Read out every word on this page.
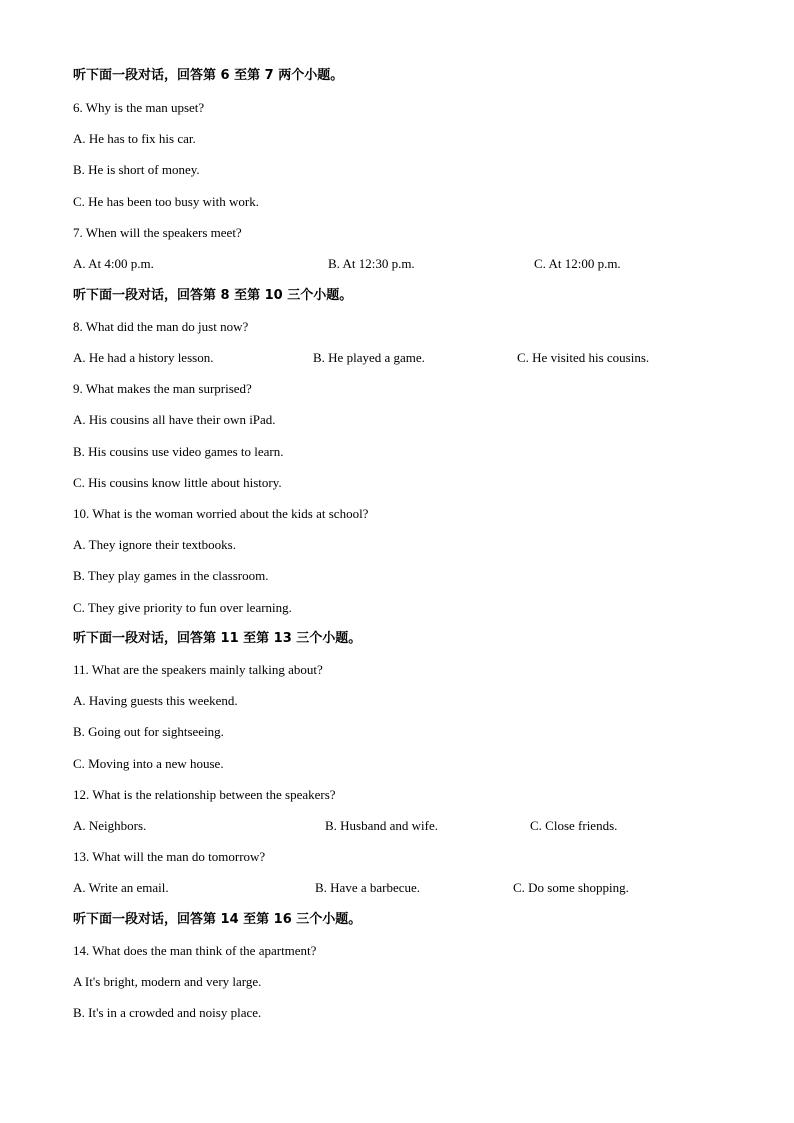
听下面一段对话，回答第 6 至第 7 两个小题。
6. Why is the man upset?
A. He has to fix his car.
B. He is short of money.
C. He has been too busy with work.
7. When will the speakers meet?
A. At 4:00 p.m.	B. At 12:30 p.m.	C. At 12:00 p.m.
听下面一段对话，回答第 8 至第 10 三个小题。
8. What did the man do just now?
A. He had a history lesson.	B. He played a game.	C. He visited his cousins.
9. What makes the man surprised?
A. His cousins all have their own iPad.
B. His cousins use video games to learn.
C. His cousins know little about history.
10. What is the woman worried about the kids at school?
A. They ignore their textbooks.
B. They play games in the classroom.
C. They give priority to fun over learning.
听下面一段对话，回答第 11 至第 13 三个小题。
11. What are the speakers mainly talking about?
A. Having guests this weekend.
B. Going out for sightseeing.
C. Moving into a new house.
12. What is the relationship between the speakers?
A. Neighbors.	B. Husband and wife.	C. Close friends.
13. What will the man do tomorrow?
A. Write an email.	B. Have a barbecue.	C. Do some shopping.
听下面一段对话，回答第 14 至第 16 三个小题。
14. What does the man think of the apartment?
A It's bright, modern and very large.
B. It's in a crowded and noisy place.
